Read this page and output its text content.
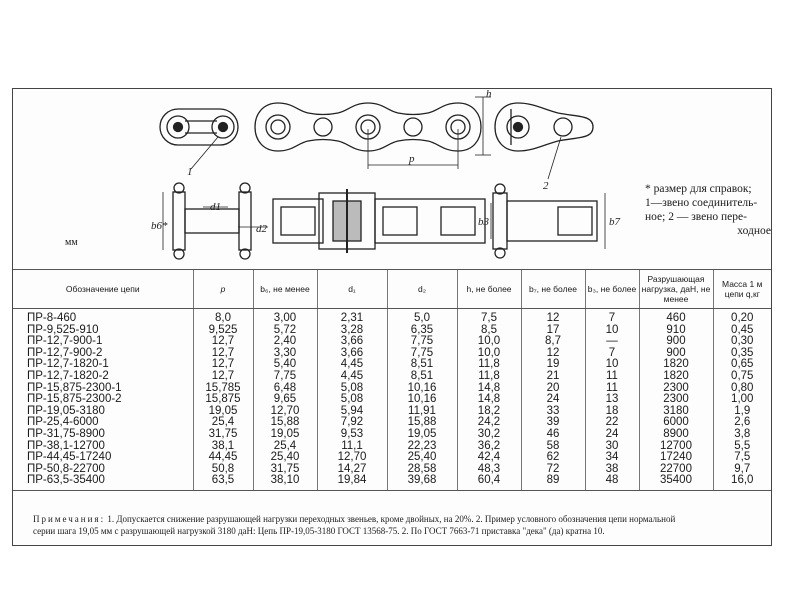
h
p
d1
d2
b3	b7
b6*
1
2
мм
* размер для справок;
1—звено соединитель-
ное; 2 — звено пере-
ходное
Обозначение цепи	p	b₆, не менее	d₁	d₂	h, не более	b₇, не более	b₃, не более	Разрушающая нагрузка, даН, не менее	Масса 1 м цепи q,кг
ПР-8-460	8,0	3,00	2,31	5,0	7,5	12	7	460	0,20
ПР-9,525-910	9,525	5,72	3,28	6,35	8,5	17	10	910	0,45
ПР-12,7-900-1	12,7	2,40	3,66	7,75	10,0	8,7	—	900	0,30
ПР-12,7-900-2	12,7	3,30	3,66	7,75	10,0	12	7	900	0,35
ПР-12,7-1820-1	12,7	5,40	4,45	8,51	11,8	19	10	1820	0,65
ПР-12,7-1820-2	12,7	7,75	4,45	8,51	11,8	21	11	1820	0,75
ПР-15,875-2300-1	15,785	6,48	5,08	10,16	14,8	20	11	2300	0,80
ПР-15,875-2300-2	15,875	9,65	5,08	10,16	14,8	24	13	2300	1,00
ПР-19,05-3180	19,05	12,70	5,94	11,91	18,2	33	18	3180	1,9
ПР-25,4-6000	25,4	15,88	7,92	15,88	24,2	39	22	6000	2,6
ПР-31,75-8900	31,75	19,05	9,53	19,05	30,2	46	24	8900	3,8
ПР-38,1-12700	38,1	25,4	11,1	22,23	36,2	58	30	12700	5,5
ПР-44,45-17240	44,45	25,40	12,70	25,40	42,4	62	34	17240	7,5
ПР-50,8-22700	50,8	31,75	14,27	28,58	48,3	72	38	22700	9,7
ПР-63,5-35400	63,5	38,10	19,84	39,68	60,4	89	48	35400	16,0
Примечания: 1. Допускается снижение разрушающей нагрузки переходных звеньев, кроме двойных, на 20%. 2. Пример условного обозначения цепи нормальной
серии шага 19,05 мм с разрушающей нагрузкой 3180 даН: Цепь ПР-19,05-3180 ГОСТ 13568-75. 2. По ГОСТ 7663-71 приставка "дека" (да) кратна 10.
